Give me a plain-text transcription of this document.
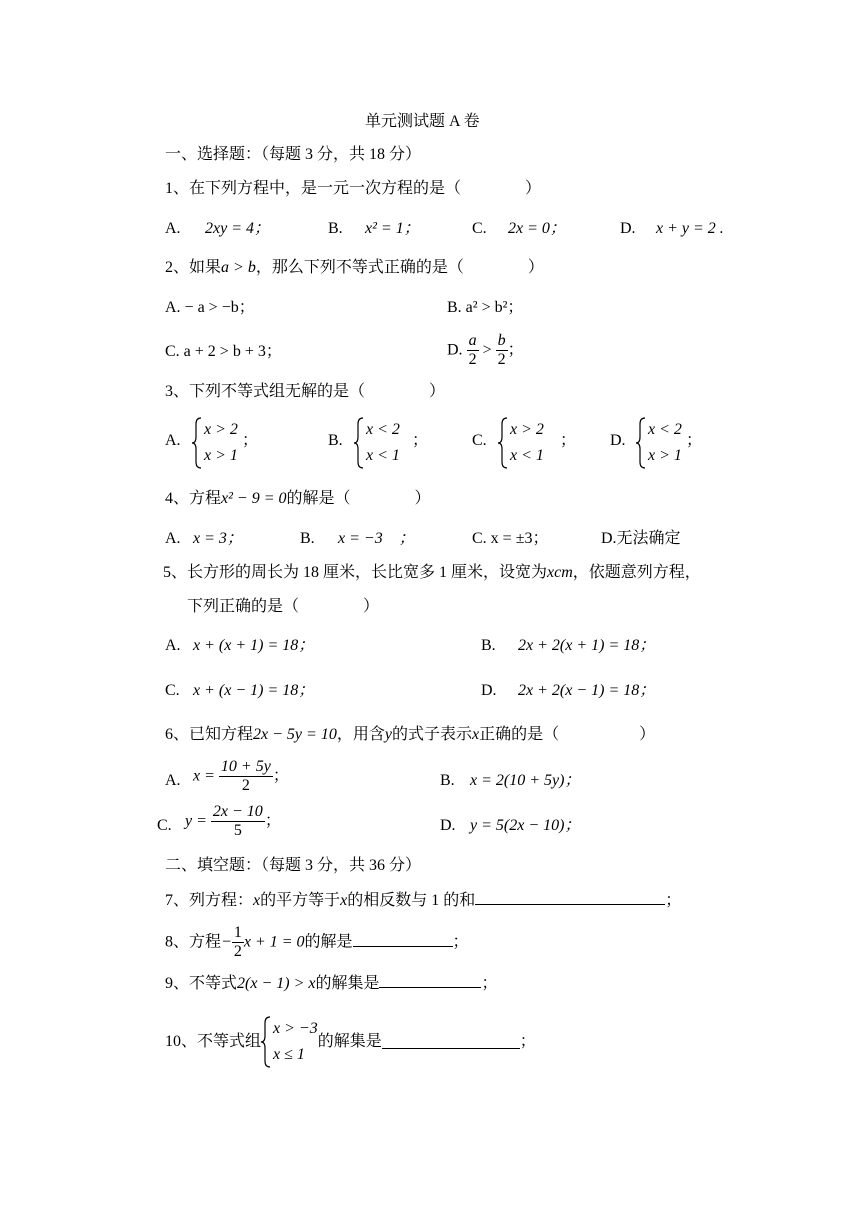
单元测试题 A 卷
一、选择题：（每题 3 分，共 18 分）
1、在下列方程中，是一元一次方程的是（　　　　）
A. 2xy = 4；	B. x² = 1；	C. 2x = 0；	D. x + y = 2 .
2、如果a > b，那么下列不等式正确的是（　　　　）
A. − a > −b；	B. a² > b²；
C. a + 2 > b + 3；	D. $\frac{a}{2} > \frac{b}{2}$ ；
3、下列不等式组无解的是（　　　　）
A.
x > 2
x > 1
；	B.
x < 2
x < 1
；	C.
x > 2
x < 1
； D.
x < 2
x > 1
；
4、方程x² − 9 = 0的解是（　　　　）
A. x = 3；	B. x = −3　；	C. x = ±3；	D.无法确定
5、长方形的周长为 18 厘米，长比宽多 1 厘米，设宽为xcm，依题意列方程，
下列正确的是（　　　　）
A. x + (x + 1) = 18；	B. 2x + 2(x + 1) = 18；
C. x + (x − 1) = 18；	D. 2x + 2(x − 1) = 18；
6、已知方程2x − 5y = 10，用含y的式子表示x正确的是（　　　　　）
A. $x = \frac{10 + 5y}{2}$ ；	B. x = 2(10 + 5y)；
C. $y = \frac{2x - 10}{5}$ ；	D. y = 5(2x − 10)；
二、填空题：（每题 3 分，共 36 分）
7、列方程：x的平方等于x的相反数与 1 的和	；
8、方程− $\frac{1}{2}$ x + 1 = 0的解是	；
9、不等式2(x − 1) > x的解集是	；
10、不等式组
x > −3
x ≤ 1
的解集是	；
